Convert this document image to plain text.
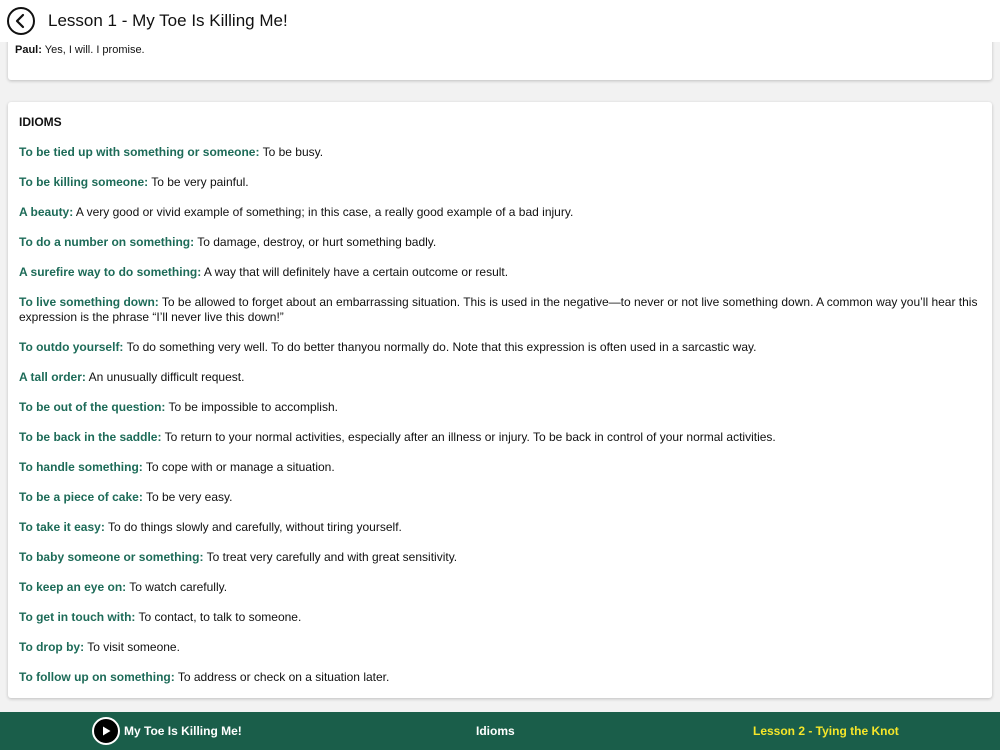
Lesson 1 - My Toe Is Killing Me!
Paul: Yes, I will. I promise.
IDIOMS
To be tied up with something or someone: To be busy.
To be killing someone: To be very painful.
A beauty: A very good or vivid example of something; in this case, a really good example of a bad injury.
To do a number on something: To damage, destroy, or hurt something badly.
A surefire way to do something: A way that will definitely have a certain outcome or result.
To live something down: To be allowed to forget about an embarrassing situation. This is used in the negative—to never or not live something down. A common way you’ll hear this expression is the phrase “I’ll never live this down!”
To outdo yourself: To do something very well. To do better thanyou normally do. Note that this expression is often used in a sarcastic way.
A tall order: An unusually difficult request.
To be out of the question: To be impossible to accomplish.
To be back in the saddle: To return to your normal activities, especially after an illness or injury. To be back in control of your normal activities.
To handle something: To cope with or manage a situation.
To be a piece of cake: To be very easy.
To take it easy: To do things slowly and carefully, without tiring yourself.
To baby someone or something: To treat very carefully and with great sensitivity.
To keep an eye on: To watch carefully.
To get in touch with: To contact, to talk to someone.
To drop by: To visit someone.
To follow up on something: To address or check on a situation later.
My Toe Is Killing Me!	Idioms	Lesson 2 - Tying the Knot
